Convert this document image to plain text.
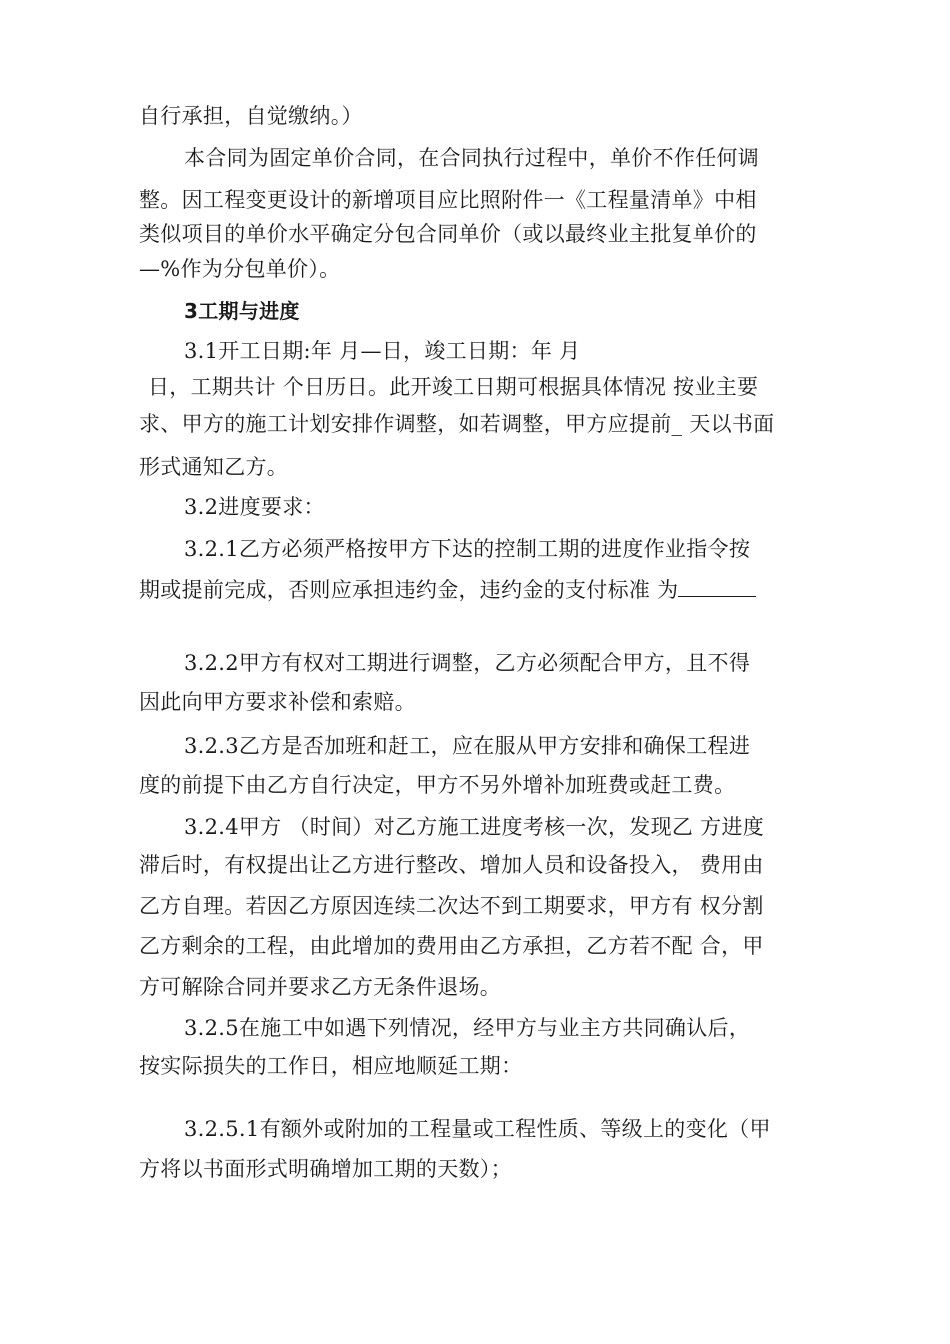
自行承担，自觉缴纳。）
本合同为固定单价合同，在合同执行过程中，单价不作任何调
整。因工程变更设计的新增项目应比照附件一《工程量清单》中相
类似项目的单价水平确定分包合同单价（或以最终业主批复单价的
—%作为分包单价）。
3工期与进度
3.1开工日期:年 月—日，竣工日期：年 月
日，工期共计 个日历日。此开竣工日期可根据具体情况 按业主要
求、甲方的施工计划安排作调整，如若调整，甲方应提前_ 天以书面
形式通知乙方。
3.2进度要求：
3.2.1乙方必须严格按甲方下达的控制工期的进度作业指令按
期或提前完成，否则应承担违约金，违约金的支付标准 为
3.2.2甲方有权对工期进行调整，乙方必须配合甲方，且不得
因此向甲方要求补偿和索赔。
3.2.3乙方是否加班和赶工，应在服从甲方安排和确保工程进
度的前提下由乙方自行决定，甲方不另外增补加班费或赶工费。
3.2.4甲方 （时间）对乙方施工进度考核一次，发现乙 方进度
滞后时，有权提出让乙方进行整改、增加人员和设备投入， 费用由
乙方自理。若因乙方原因连续二次达不到工期要求，甲方有 权分割
乙方剩余的工程，由此增加的费用由乙方承担，乙方若不配 合，甲
方可解除合同并要求乙方无条件退场。
3.2.5在施工中如遇下列情况，经甲方与业主方共同确认后，
按实际损失的工作日，相应地顺延工期：
3.2.5.1有额外或附加的工程量或工程性质、等级上的变化（甲
方将以书面形式明确增加工期的天数）；
